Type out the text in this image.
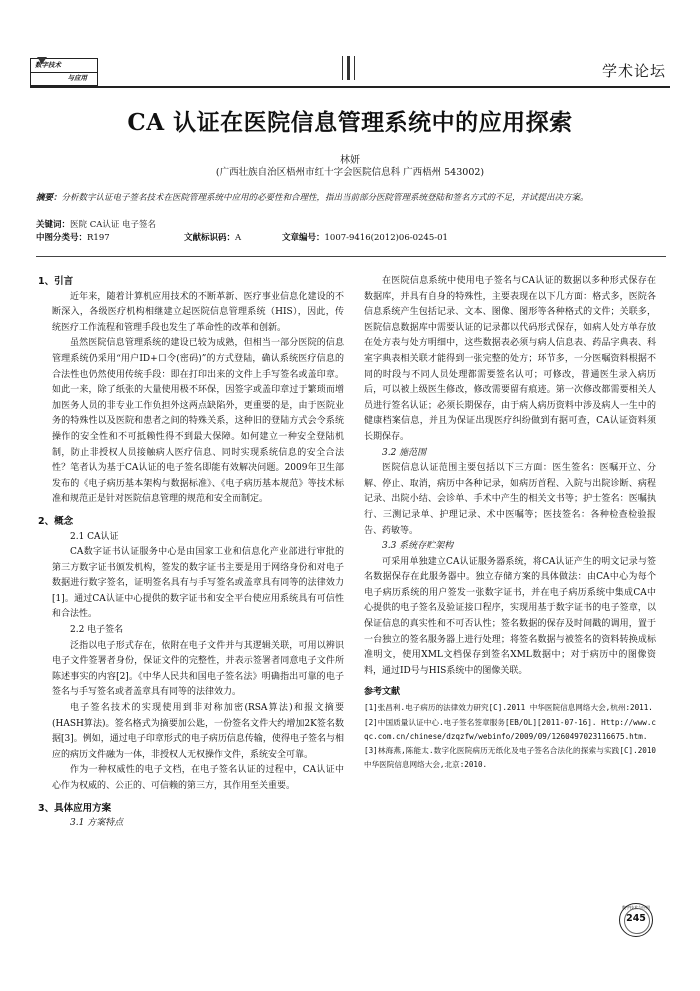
数字技术
与应用	学术论坛
CA 认证在医院信息管理系统中的应用探索
林妍
(广西壮族自治区梧州市红十字会医院信息科 广西梧州 543002)
摘要：分析数字认证电子签名技术在医院管理系统中应用的必要性和合理性，指出当前部分医院管理系统登陆和签名方式的不足，并试提出决方案。
关键词：医院 CA认证 电子签名
中图分类号：R197	文献标识码：A	文章编号：1007-9416(2012)06-0245-01
1、引言

近年来，随着计算机应用技术的不断革新、医疗事业信息化建设的不断深入，各级医疗机构相继建立起医院信息管理系统（HIS），因此，传统医疗工作流程和管理手段也发生了革命性的改革和创新。

虽然医院信息管理系统的建设已较为成熟，但相当一部分医院的信息管理系统仍采用“用户ID+口令(密码)”的方式登陆，确认系统医疗信息的合法性也仍然使用传统手段：即在打印出来的文件上手写签名或盖印章。如此一来，除了纸张的大量使用极不环保，因签字或盖印章过于繁琐而增加医务人员的非专业工作负担外这两点缺陷外，更重要的是，由于医院业务的特殊性以及医院和患者之间的特殊关系，这种旧的登陆方式会令系统操作的安全性和不可抵赖性得不到最大保障。如何建立一种安全登陆机制，防止非授权人员接触病人医疗信息、同时实现系统信息的安全合法性？笔者认为基于CA认证的电子签名即能有效解决问题。2009年卫生部发布的《电子病历基本架构与数据标准》、《电子病历基本规范》等技术标准和规范正是针对医院信息管理的规范和安全而制定。

2、概念
2.1 CA认证

CA数字证书认证服务中心是由国家工业和信息化产业部进行审批的第三方数字证书颁发机构，签发的数字证书主要是用于网络身份和对电子数据进行数字签名，证明签名具有与手写签名或盖章具有同等的法律效力[1]。通过CA认证中心提供的数字证书和安全平台使应用系统具有可信性和合法性。

2.2 电子签名

泛指以电子形式存在，依附在电子文件并与其逻辑关联，可用以辨识电子文件签署者身份，保证文件的完整性，并表示签署者同意电子文件所陈述事实的内容[2]。《中华人民共和国电子签名法》明确指出可靠的电子签名与手写签名或者盖章具有同等的法律效力。

电子签名技术的实现使用到非对称加密(RSA算法)和报文摘要(HASH算法)。签名格式为摘要加公匙，一份签名文件大约增加2K签名数据[3]。例如，通过电子印章形式的电子病历信息传输，使得电子签名与相应的病历文件融为一体，非授权人无权操作文件，系统安全可靠。

作为一种权威性的电子文档，在电子签名认证的过程中，CA认证中心作为权威的、公正的、可信赖的第三方，其作用至关重要。

3、具体应用方案
3.1 方案特点

在医院信息系统中使用电子签名与CA认证的数据以多种形式保存在数据库，并具有自身的特殊性，主要表现在以下几方面：格式多，医院各信息系统产生包括记录、文本、图像、图形等各种格式的文件；关联多，医院信息数据库中需要认证的记录都以代码形式保存，如病人处方单存放在处方表与处方明细中，这些数据表必须与病人信息表、药品字典表、科室字典表相关联才能得到一张完整的处方；环节多，一分医嘱资料根据不同的时段与不同人员处理都需要签名认可；可修改，普通医生录入病历后，可以被上级医生修改，修改需要留有痕迹。第一次修改都需要相关人员进行签名认证；必须长期保存，由于病人病历资料中涉及病人一生中的健康档案信息，并且为保证出现医疗纠纷做到有据可查，CA认证资料须长期保存。

3.2 施范围

医院信息认证范围主要包括以下三方面：医生签名：医嘱开立、分解、停止、取消，病历中各种记录，如病历首程、入院与出院诊断、病程记录、出院小结、会诊单、手术中产生的相关文书等；护士签名：医嘱执行、三测记录单、护理记录、术中医嘱等；医技签名：各种检查检验报告、药敏等。

3.3 系统存贮架构

可采用单独建立CA认证服务器系统，将CA认证产生的明文记录与签名数据保存在此服务器中。独立存储方案的具体做法：由CA中心为每个电子病历系统的用户签发一张数字证书，并在电子病历系统中集成CA中心提供的电子签名及验证接口程序，实现用基于数字证书的电子签章，以保证信息的真实性和不可否认性；签名数据的保存及时间戳的调用，置于一台独立的签名服务器上进行处理；将签名数据与被签名的资料转换成标准明文，使用XML文档保存到签名XML数据中；对于病历中的图像资料，通过ID号与HIS系统中的图像关联。

参考文献

[1]张昌利.电子病历的法律效力研究[C].2011 中华医院信息网络大会,杭州:2011.

[2]中国质量认证中心.电子签名签章服务[EB/OL][2011-07-16]. Http://www.cqc.com.cn/chinese/dzqzfw/webinfo/2009/09/1260497023116675.htm.

[3]林海燕,陈能太.数字化医院病历无纸化及电子签名合法化的探索与实践[C].2010 中华医院信息网络大会,北京:2010.

数字技术与应用
245
